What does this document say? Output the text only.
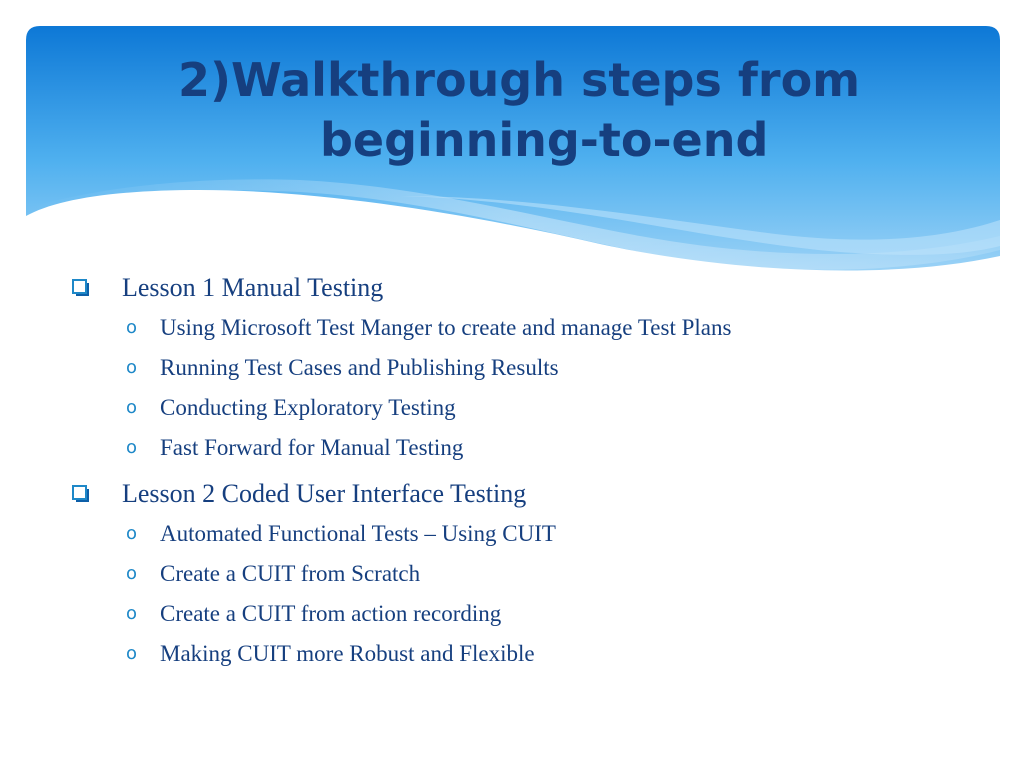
2)Walkthrough steps from
beginning-to-end
Lesson 1 Manual Testing
o Using Microsoft Test Manger to create and manage Test Plans
o Running Test Cases and Publishing Results
o Conducting Exploratory Testing
o Fast Forward for Manual Testing
Lesson 2 Coded User Interface Testing
o Automated Functional Tests – Using CUIT
o Create a CUIT from Scratch
o Create a CUIT from action recording
o Making CUIT more Robust and Flexible
